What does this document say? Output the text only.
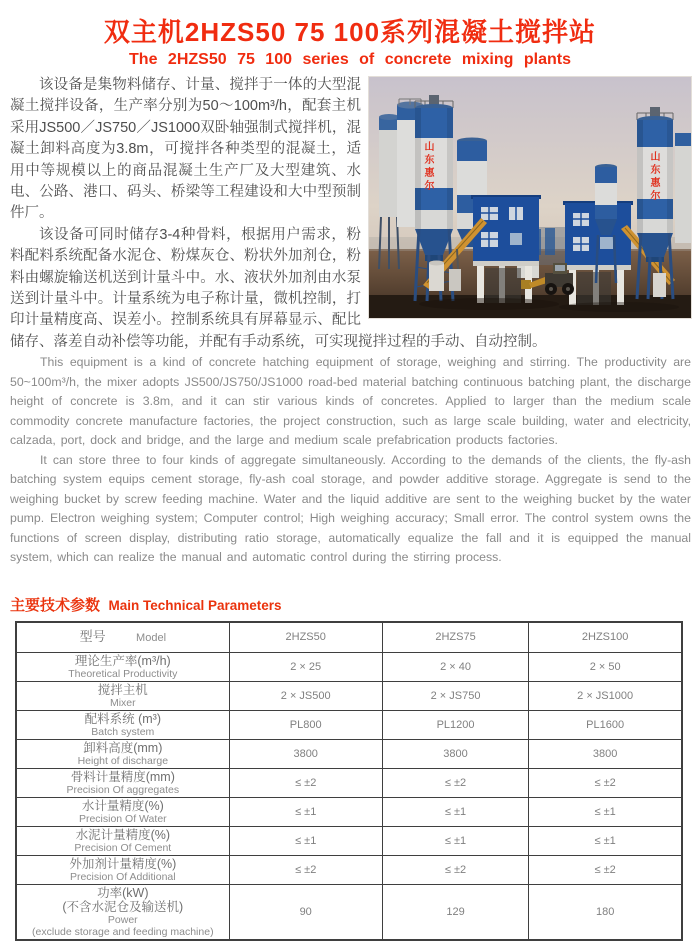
双主机2HZS50 75 100系列混凝土搅拌站
The 2HZS50 75 100 series of concrete mixing plants
山东惠尔	山东惠尔

该设备是集物料储存、计量、搅拌于一体的大型混凝土搅拌设备，生产率分别为50～100m³/h，配套主机采用JS500／JS750／JS1000双卧轴强制式搅拌机，混凝土卸料高度为3.8m，可搅拌各种类型的混凝土，适用中等规模以上的商品混凝土生产厂及大型建筑、水电、公路、港口、码头、桥梁等工程建设和大中型预制件厂。

该设备可同时储存3-4种骨料，根据用户需求，粉料配料系统配备水泥仓、粉煤灰仓、粉状外加剂仓，粉料由螺旋输送机送到计量斗中。水、液状外加剂由水泵送到计量斗中。计量系统为电子称计量，微机控制，打印计量精度高、误差小。控制系统具有屏幕显示、配比储存、落差自动补偿等功能，并配有手动系统，可实现搅拌过程的手动、自动控制。

This equipment is a kind of concrete hatching equipment of storage, weighing and stirring. The productivity are 50~100m³/h, the mixer adopts JS500/JS750/JS1000 road-bed material batching continuous batching plant, the discharge height of concrete is 3.8m, and it can stir various kinds of concretes. Applied to larger than the medium scale commodity concrete manufacture factories, the project construction, such as large scale building, water and electricity, calzada, port, dock and bridge, and the large and medium scale prefabrication products factories.

It can store three to four kinds of aggregate simultaneously. According to the demands of the clients, the fly-ash batching system equips cement storage, fly-ash coal storage, and powder additive storage. Aggregate is send to the weighing bucket by screw feeding machine. Water and the liquid additive are sent to the weighing bucket by the water pump. Electron weighing system; Computer control; High weighing accuracy; Small error. The control system owns the functions of screen display, distributing ratio storage, automatically equalize the fall and it is equipped the manual system, which can realize the manual and automatic control during the stirring process.

主要技术参数 Main Technical Parameters
型号 Model	2HZS50	2HZS75	2HZS100

理论生产率(m³/h)
Theoretical Productivity	2 × 25	2 × 40	2 × 50

搅拌主机
Mixer	2 × JS500	2 × JS750	2 × JS1000

配料系统 (m³)
Batch system	PL800	PL1200	PL1600

卸料高度(mm)
Height of discharge	3800	3800	3800

骨料计量精度(mm)
Precision Of aggregates	≤ ±2	≤ ±2	≤ ±2

水计量精度(%)
Precision Of Water	≤ ±1	≤ ±1	≤ ±1

水泥计量精度(%)
Precision Of Cement	≤ ±1	≤ ±1	≤ ±1

外加剂计量精度(%)
Precision Of Additional	≤ ±2	≤ ±2	≤ ±2

功率(kW)
(不含水泥仓及输送机)
Power
(exclude storage and feeding machine)	90	129	180
